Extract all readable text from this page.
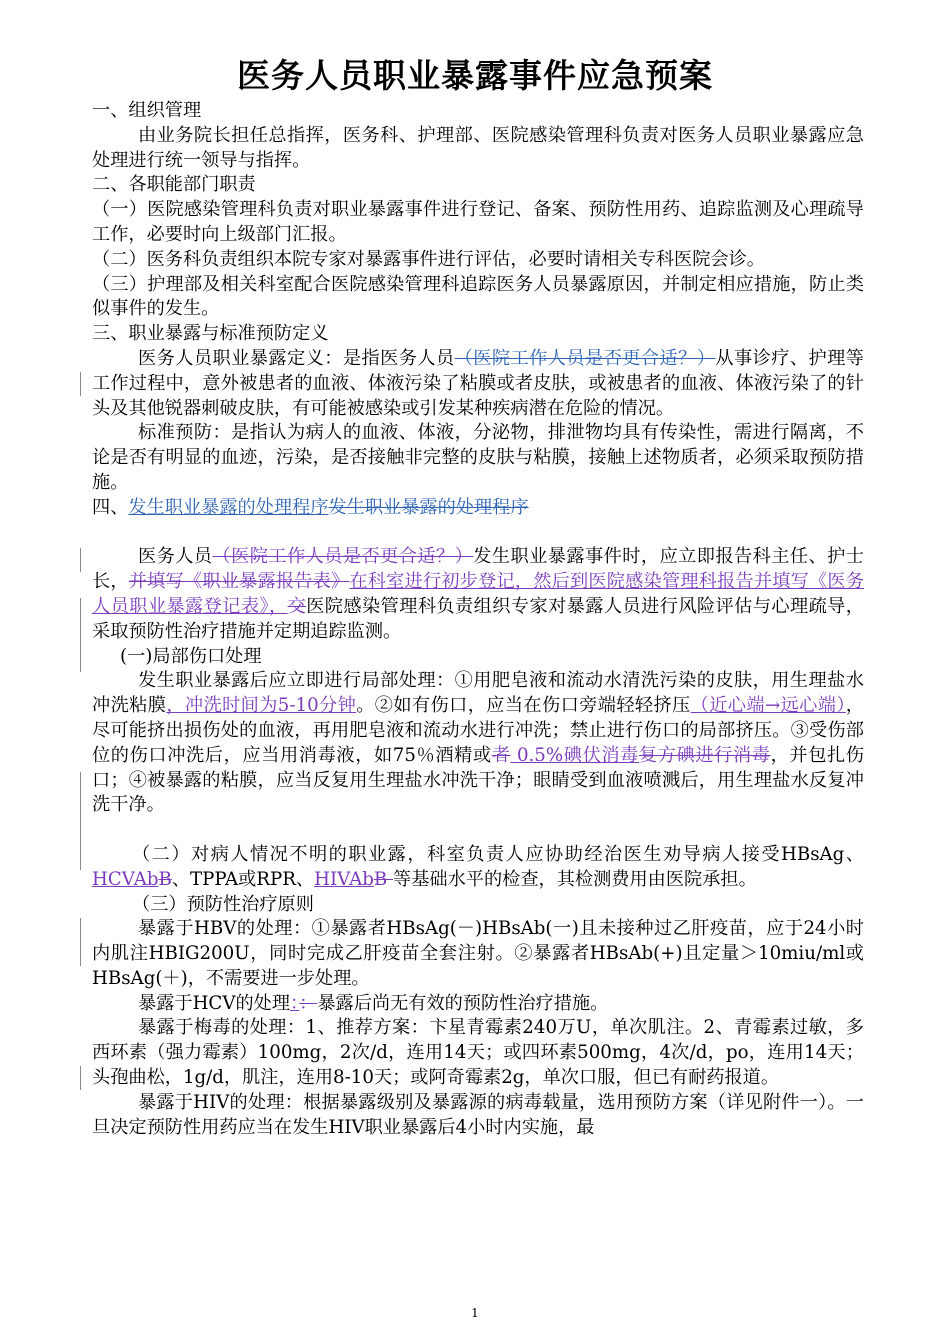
医务人员职业暴露事件应急预案

一、组织管理

由业务院长担任总指挥，医务科、护理部、医院感染管理科负责对医务人员职业暴露应急处理进行统一领导与指挥。

二、各职能部门职责

（一）医院感染管理科负责对职业暴露事件进行登记、备案、预防性用药、追踪监测及心理疏导工作，必要时向上级部门汇报。

（二）医务科负责组织本院专家对暴露事件进行评估，必要时请相关专科医院会诊。

（三）护理部及相关科室配合医院感染管理科追踪医务人员暴露原因，并制定相应措施，防止类似事件的发生。

三、职业暴露与标准预防定义

医务人员职业暴露定义：是指医务人员（医院工作人员是否更合适？）从事诊疗、护理等工作过程中，意外被患者的血液、体液污染了粘膜或者皮肤，或被患者的血液、体液污染了的针头及其他锐器刺破皮肤，有可能被感染或引发某种疾病潜在危险的情况。

标准预防：是指认为病人的血液、体液，分泌物，排泄物均具有传染性，需进行隔离，不论是否有明显的血迹，污染，是否接触非完整的皮肤与粘膜，接触上述物质者，必须采取预防措施。

四、发生职业暴露的处理程序发生职业暴露的处理程序

医务人员（医院工作人员是否更合适？）发生职业暴露事件时，应立即报告科主任、护士长，并填写《职业暴露报告表》在科室进行初步登记，然后到医院感染管理科报告并填写《医务人员职业暴露登记表》，交医院感染管理科负责组织专家对暴露人员进行风险评估与心理疏导，采取预防性治疗措施并定期追踪监测。

(一)局部伤口处理

发生职业暴露后应立即进行局部处理：①用肥皂液和流动水清洗污染的皮肤，用生理盐水冲洗粘膜，冲洗时间为5-10分钟。②如有伤口，应当在伤口旁端轻轻挤压（近心端→远心端），尽可能挤出损伤处的血液，再用肥皂液和流动水进行冲洗；禁止进行伤口的局部挤压。③受伤部位的伤口冲洗后，应当用消毒液，如75％酒精或者 0.5%碘伏消毒复方碘进行消毒，并包扎伤口；④被暴露的粘膜，应当反复用生理盐水冲洗干净；眼睛受到血液喷溅后，用生理盐水反复冲洗干净。

（二）对病人情况不明的职业露，科室负责人应协助经治医生劝导病人接受HBsAg、HCVAbB、TPPA或RPR、HIVAbB 等基础水平的检查，其检测费用由医院承担。

（三）预防性治疗原则

暴露于HBV的处理：①暴露者HBsAg(－)HBsAb(一)且未接种过乙肝疫苗，应于24小时内肌注HBIG200U，同时完成乙肝疫苗全套注射。②暴露者HBsAb(+)且定量＞10miu/ml或HBsAg(＋)，不需要进一步处理。

暴露于HCV的处理：：暴露后尚无有效的预防性治疗措施。

暴露于梅毒的处理：1、推荐方案：卞星青霉素240万U，单次肌注。2、青霉素过敏，多西环素（强力霉素）100mg，2次/d，连用14天；或四环素500mg，4次/d，po，连用14天；头孢曲松，1g/d，肌注，连用8-10天；或阿奇霉素2g，单次口服，但已有耐药报道。

暴露于HIV的处理：根据暴露级别及暴露源的病毒载量，选用预防方案（详见附件一）。一旦决定预防性用药应当在发生HIV职业暴露后4小时内实施，最

1
